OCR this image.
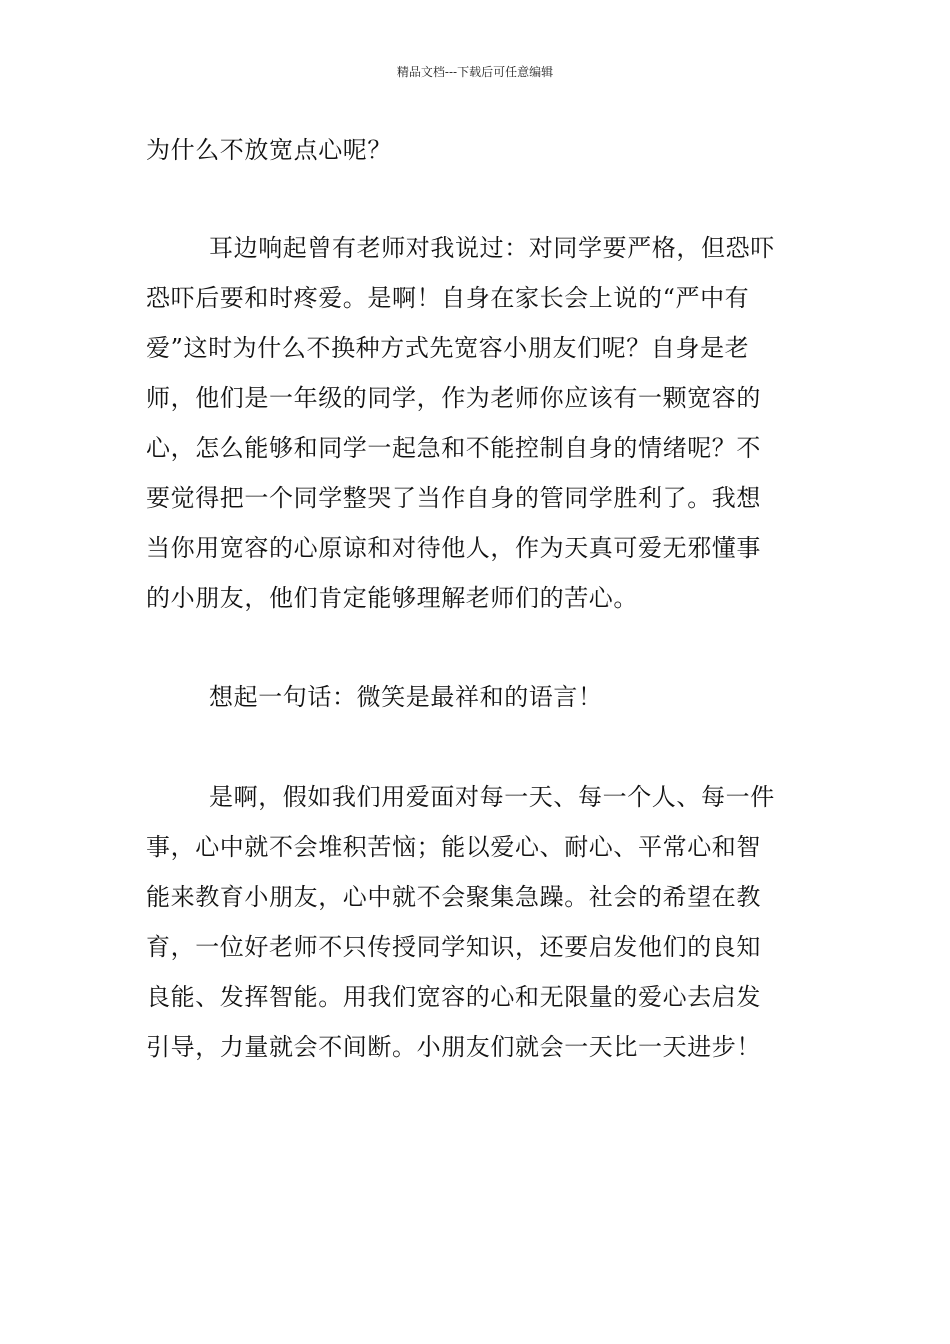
精品文档---下载后可任意编辑
为什么不放宽点心呢？
耳边响起曾有老师对我说过：对同学要严格，但恐吓
恐吓后要和时疼爱。是啊！自身在家长会上说的“严中有
爱”这时为什么不换种方式先宽容小朋友们呢？自身是老
师，他们是一年级的同学，作为老师你应该有一颗宽容的
心，怎么能够和同学一起急和不能控制自身的情绪呢？不
要觉得把一个同学整哭了当作自身的管同学胜利了。我想
当你用宽容的心原谅和对待他人，作为天真可爱无邪懂事
的小朋友，他们肯定能够理解老师们的苦心。
想起一句话：微笑是最祥和的语言！
是啊，假如我们用爱面对每一天、每一个人、每一件
事，心中就不会堆积苦恼；能以爱心、耐心、平常心和智
能来教育小朋友，心中就不会聚集急躁。社会的希望在教
育，一位好老师不只传授同学知识，还要启发他们的良知
良能、发挥智能。用我们宽容的心和无限量的爱心去启发
引导，力量就会不间断。小朋友们就会一天比一天进步！
